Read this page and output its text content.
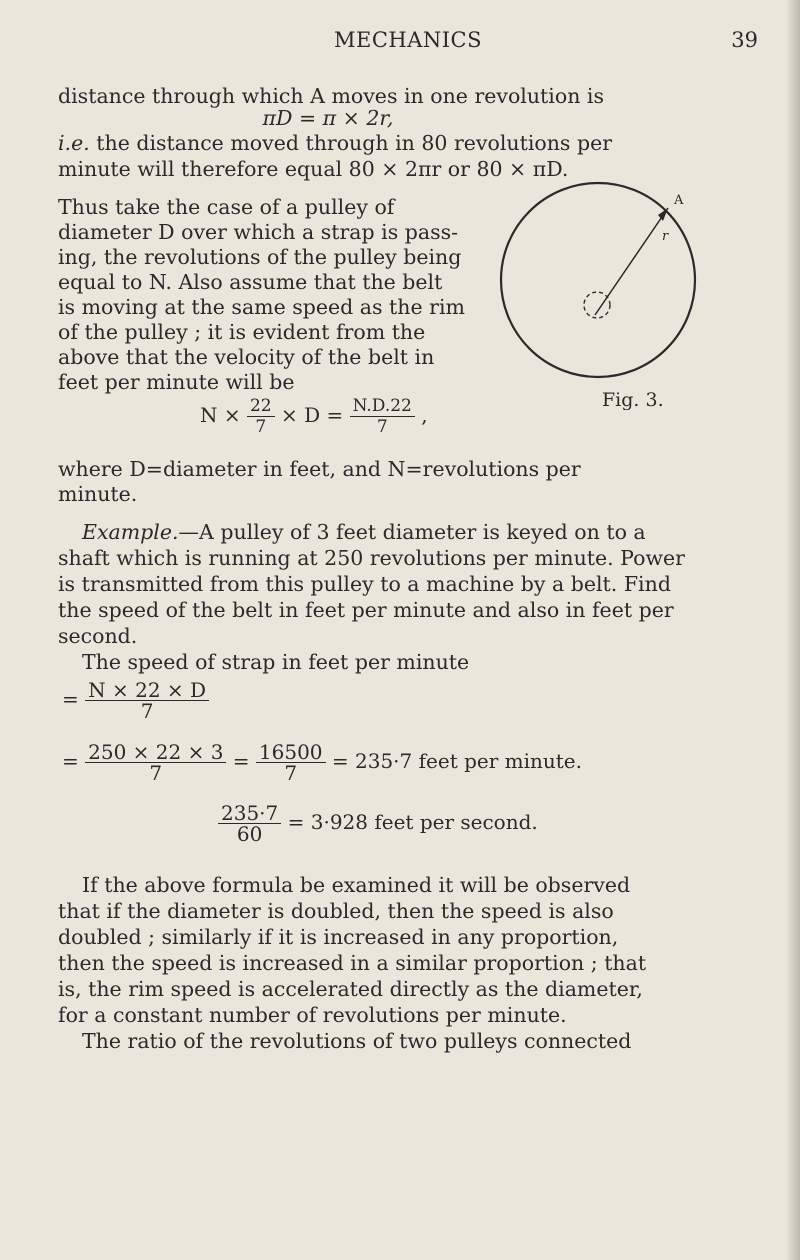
MECHANICS	39
distance through which A moves in one revolution is
πD = π × 2r,
i.e. the distance moved through in 80 revolutions per
minute will therefore equal 80 × 2πr or 80 × πD.
Thus take the case of a pulley of
diameter D over which a strap is pass-
ing, the revolutions of the pulley being
equal to N. Also assume that the belt
is moving at the same speed as the rim
of the pulley ; it is evident from the
above that the velocity of the belt in
feet per minute will be
A
r
Fig. 3.
$N \times \frac{22}{7} \times D = \frac{N.D.22}{7}$ ,
where D=diameter in feet, and N=revolutions per
minute.
Example.—A pulley of 3 feet diameter is keyed on to a
shaft which is running at 250 revolutions per minute. Power
is transmitted from this pulley to a machine by a belt. Find
the speed of the belt in feet per minute and also in feet per
second.
The speed of strap in feet per minute
= $\frac{N \times 22 \times D}{7}$
= $\frac{250 \times 22 \times 3}{7} = \frac{16500}{7} = 235\cdot 7$ feet per minute.
$\frac{235\cdot 7}{60} = 3\cdot 928$ feet per second.
If the above formula be examined it will be observed
that if the diameter is doubled, then the speed is also
doubled ; similarly if it is increased in any proportion,
then the speed is increased in a similar proportion ; that
is, the rim speed is accelerated directly as the diameter,
for a constant number of revolutions per minute.
The ratio of the revolutions of two pulleys connected
